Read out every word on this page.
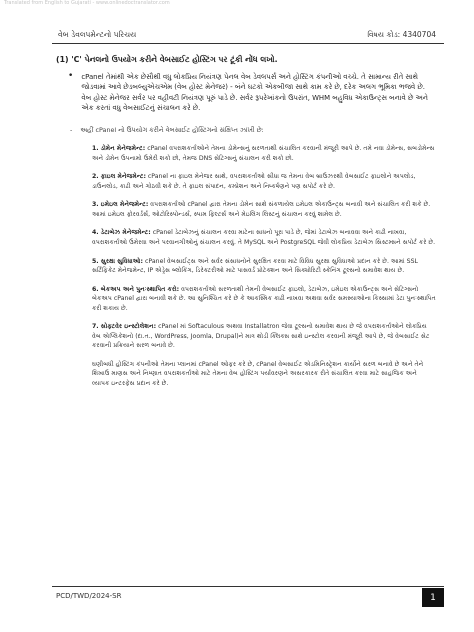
Translated from English to Gujarati - www.onlinedoctranslator.com
વેબ ડેવલપમેન્ટનો પરિચય	વિષય કોડ: 4340704
(1) 'C' પેનલનો ઉપયોગ કરીને વેબસાઈટ હોસ્ટિંગ પર ટૂંકી નોંધ લખો.
• cPanel તેમાંથી એક છેસૌથી વધુ લોકપ્રિય નિયંત્રણ પેનલ વેબ ડેવલપર્સ અને હોસ્ટિંગ કંપનીઓ વચ્ચે. તે સામાન્ય રીતે સાથે જોડવામાં આવે છેડબલ્યુએચએમ (વેબ હોસ્ટ મેનેજર) - બંને ઘટકો એકબીજા સાથે કામ કરે છે, દરેક અલગ ભૂમિકા ભજવે છે. વેબ હોસ્ટ મેનેજર સર્વર પર વહીવટી નિયંત્રણ પૂરું પાડે છે. સર્વર રૂપરેખાંકનો ઉપરાંત, WHM બહુવિધ એકાઉન્ટ્સ બનાવે છે અને એક કરતાં વધુ વેબસાઈટનું સંચાલન કરે છે.
- અહીં cPanel નો ઉપયોગ કરીને વેબસાઈટ હોસ્ટિંગનો સંક્ષિપ્ત ઝાંખી છે:
1. ડોમેન મેનેજમેન્ટ: cPanel વપરાશકર્તાઓને તેમના ડોમેન્સનું સરળતાથી સંચાલિત કરવાની મંજૂરી આપે છે. તમે નવા ડોમેન્સ, સબડોમેન્સ અને ડોમેન ઉપનામો ઉમેરી શકો છો, તેમજ DNS સેટિંગ્સનું સંચાલન કરી શકો છો.
2. ફાઇલ મેનેજમેન્ટ: cPanel ના ફાઇલ મેનેજર સાથે, વપરાશકર્તાઓ સીધા જ તેમના વેબ બ્રાઉઝરથી વેબસાઈટ ફાઇલોને અપલોડ, ડાઉનલોડ, કાઢી અને ગોઠવી શકે છે. તે ફાઇલ સંપાદન, કમ્પ્રેશન અને નિષ્કર્ષણને પણ સપોર્ટ કરે છે.
3. ઇમેઇલ મેનેજમેન્ટ: વપરાશકર્તાઓ cPanel દ્વારા તેમના ડોમેન સાથે સંકળાયેલ ઇમેઇલ એકાઉન્ટ્સ બનાવી અને સંચાલિત કરી શકે છે. આમાં ઇમેઇલ ફોરવર્ડર્સ, ઓટોરિસ્પોન્ડર્સ, સ્પામ ફિલ્ટર્સ અને મેઇલિંગ લિસ્ટનું સંચાલન કરવું શામેલ છે.
4. ડેટાબેઝ મેનેજમેન્ટ: cPanel ડેટાબેઝનું સંચાલન કરવા માટેના સાધનો પૂરા પાડે છે, જેમાં ડેટાબેઝ બનાવવા અને કાઢી નાખવા, વપરાશકર્તાઓ ઉમેરવા અને પરવાનગીઓનું સંચાલન કરવું. તે MySQL અને PostgreSQL જેવી લોકપ્રિય ડેટાબેઝ સિસ્ટમ્સને સપોર્ટ કરે છે.
5. સુરક્ષા સુવિધાઓ: cPanel વેબસાઈટ્સ અને સર્વર સંસાધનોને સુરક્ષિત કરવા માટે વિવિધ સુરક્ષા સુવિધાઓ પ્રદાન કરે છે. આમાં SSL સર્ટિફિકેટ મેનેજમેન્ટ, IP એડ્રેસ બ્લોકિંગ, ડિરેક્ટરીઓ માટે પાસવર્ડ પ્રોટેક્શન અને સિક્યોરિટી સ્કેનિંગ ટૂલ્સનો સમાવેશ થાય છે.
6. બેકઅપ અને પુનઃસ્થાપિત કરો: વપરાશકર્તાઓ સરળતાથી તેમની વેબસાઈટ ફાઇલો, ડેટાબેઝ, ઇમેઇલ એકાઉન્ટ્સ અને સેટિંગ્સનો બેકઅપ cPanel દ્વારા બનાવી શકે છે. આ સુનિશ્ચિત કરે છે કે આકસ્મિક કાઢી નાખવા અથવા સર્વર સમસ્યાઓના કિસ્સામાં ડેટા પુનઃસ્થાપિત કરી શકાય છે.
7. સોફ્ટવેર ઇન્સ્ટોલેશન: cPanel માં Softaculous અથવા Installatron જેવા ટૂલ્સનો સમાવેશ થાય છે જે વપરાશકર્તાઓને લોકપ્રિય વેબ એપ્લિકેશનો (દા.ત., WordPress, Joomla, Drupal)ને માત્ર થોડી ક્લિક્સ સાથે ઇન્સ્ટોલ કરવાની મંજૂરી આપે છે, જે વેબસાઈટ સેટ કરવાની પ્રક્રિયાને સરળ બનાવે છે.
ઘણીબધી હોસ્ટિંગ કંપનીઓ તેમના પ્લાનમાં cPanel ઓફર કરે છે, cPanel વેબસાઈટ એડમિનિસ્ટ્રેશન કાર્યોને સરળ બનાવે છે અને તેને શિખાઉ માણસ અને નિષ્ણાત વપરાશકર્તાઓ માટે તેમના વેબ હોસ્ટિંગ પર્યાવરણને અસરકારક રીતે સંચાલિત કરવા માટે સાહજિક અને વ્યાપક ઇન્ટરફેસ પ્રદાન કરે છે.
PCD/TWD/2024-SR	1
